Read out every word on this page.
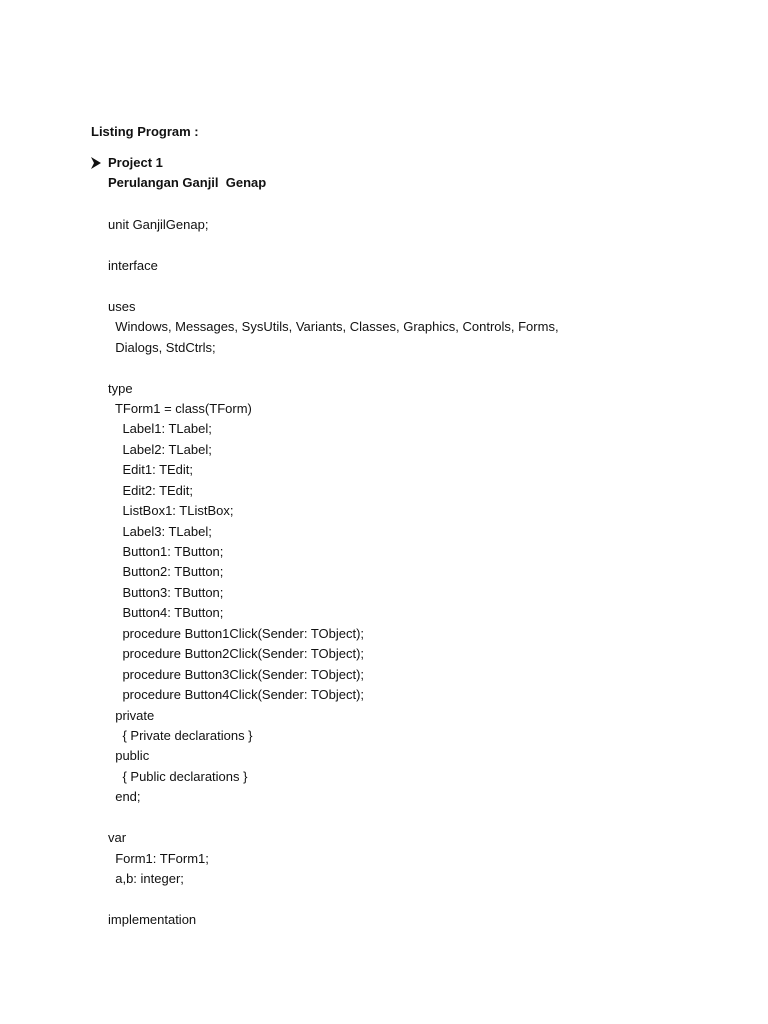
Listing Program :
Project 1
Perulangan Ganjil  Genap
unit GanjilGenap;
interface
uses
Windows, Messages, SysUtils, Variants, Classes, Graphics, Controls, Forms,
Dialogs, StdCtrls;
type
TForm1 = class(TForm)
Label1: TLabel;
Label2: TLabel;
Edit1: TEdit;
Edit2: TEdit;
ListBox1: TListBox;
Label3: TLabel;
Button1: TButton;
Button2: TButton;
Button3: TButton;
Button4: TButton;
procedure Button1Click(Sender: TObject);
procedure Button2Click(Sender: TObject);
procedure Button3Click(Sender: TObject);
procedure Button4Click(Sender: TObject);
private
{ Private declarations }
public
{ Public declarations }
end;
var
Form1: TForm1;
a,b: integer;
implementation
